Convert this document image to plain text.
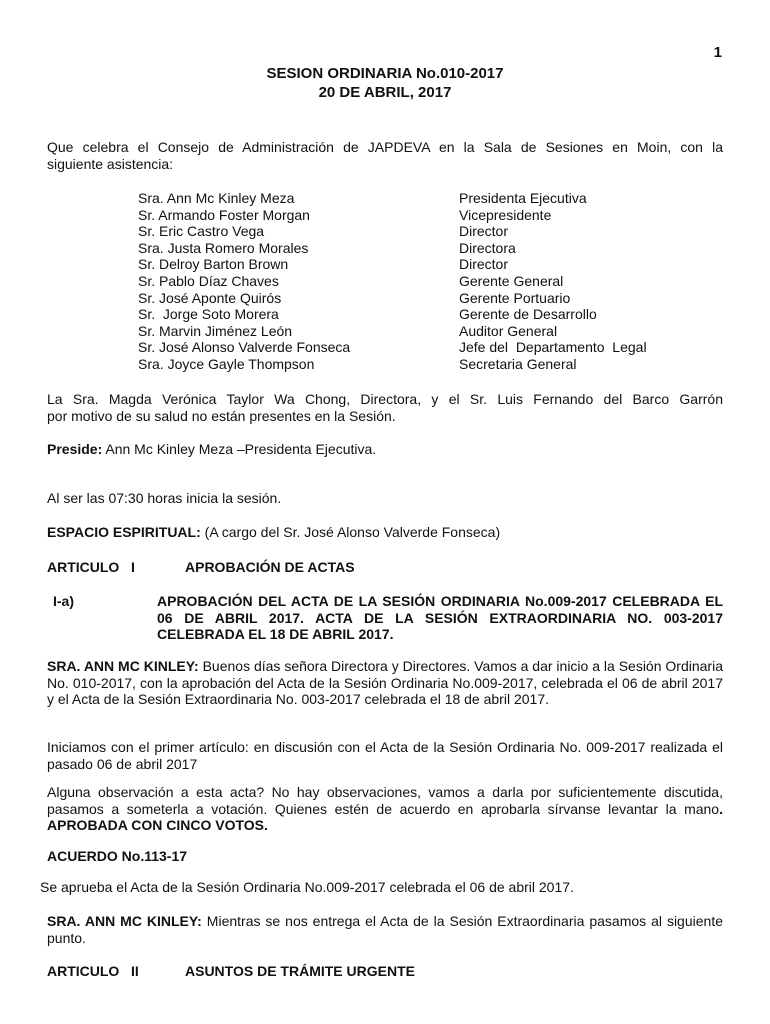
1
SESION ORDINARIA No.010-2017
20 DE ABRIL, 2017
Que celebra el Consejo de Administración de JAPDEVA en la Sala de Sesiones en Moin, con la
siguiente asistencia:
Sra. Ann Mc Kinley Meza	Presidenta Ejecutiva
Sr. Armando Foster Morgan	Vicepresidente
Sr. Eric Castro Vega	Director
Sra. Justa Romero Morales	Directora
Sr. Delroy Barton Brown	Director
Sr. Pablo Díaz Chaves	Gerente General
Sr. José Aponte Quirós	Gerente Portuario
Sr.  Jorge Soto Morera	Gerente de Desarrollo
Sr. Marvin Jiménez León	Auditor General
Sr. José Alonso Valverde Fonseca	Jefe del  Departamento  Legal
Sra. Joyce Gayle Thompson	Secretaria General
La Sra. Magda Verónica Taylor Wa Chong, Directora, y el Sr. Luis Fernando del Barco Garrón
por motivo de su salud no están presentes en la Sesión.
Preside: Ann Mc Kinley Meza –Presidenta Ejecutiva.
Al ser las 07:30 horas inicia la sesión.
ESPACIO ESPIRITUAL: (A cargo del Sr. José Alonso Valverde Fonseca)
ARTICULO   I	APROBACIÓN DE ACTAS
I-a)	APROBACIÓN DEL ACTA DE LA SESIÓN ORDINARIA No.009-2017 CELEBRADA EL 06 DE ABRIL 2017. ACTA DE LA SESIÓN EXTRAORDINARIA NO. 003-2017 CELEBRADA EL 18 DE ABRIL 2017.
SRA. ANN MC KINLEY: Buenos días señora Directora y Directores. Vamos a dar inicio a la Sesión Ordinaria No. 010-2017, con la aprobación del Acta de la Sesión Ordinaria No.009-2017, celebrada el 06 de abril 2017 y el Acta de la Sesión Extraordinaria No. 003-2017 celebrada el 18 de abril 2017.
Iniciamos con el primer artículo: en discusión con el Acta de la Sesión Ordinaria No. 009-2017 realizada el pasado 06 de abril 2017
Alguna observación a esta acta? No hay observaciones, vamos a darla por suficientemente discutida, pasamos a someterla a votación. Quienes estén de acuerdo en aprobarla sírvanse levantar la mano. APROBADA CON CINCO VOTOS.
ACUERDO No.113-17
Se aprueba el Acta de la Sesión Ordinaria No.009-2017 celebrada el 06 de abril 2017.
SRA. ANN MC KINLEY: Mientras se nos entrega el Acta de la Sesión Extraordinaria pasamos al siguiente punto.
ARTICULO   II	ASUNTOS DE TRÁMITE URGENTE
